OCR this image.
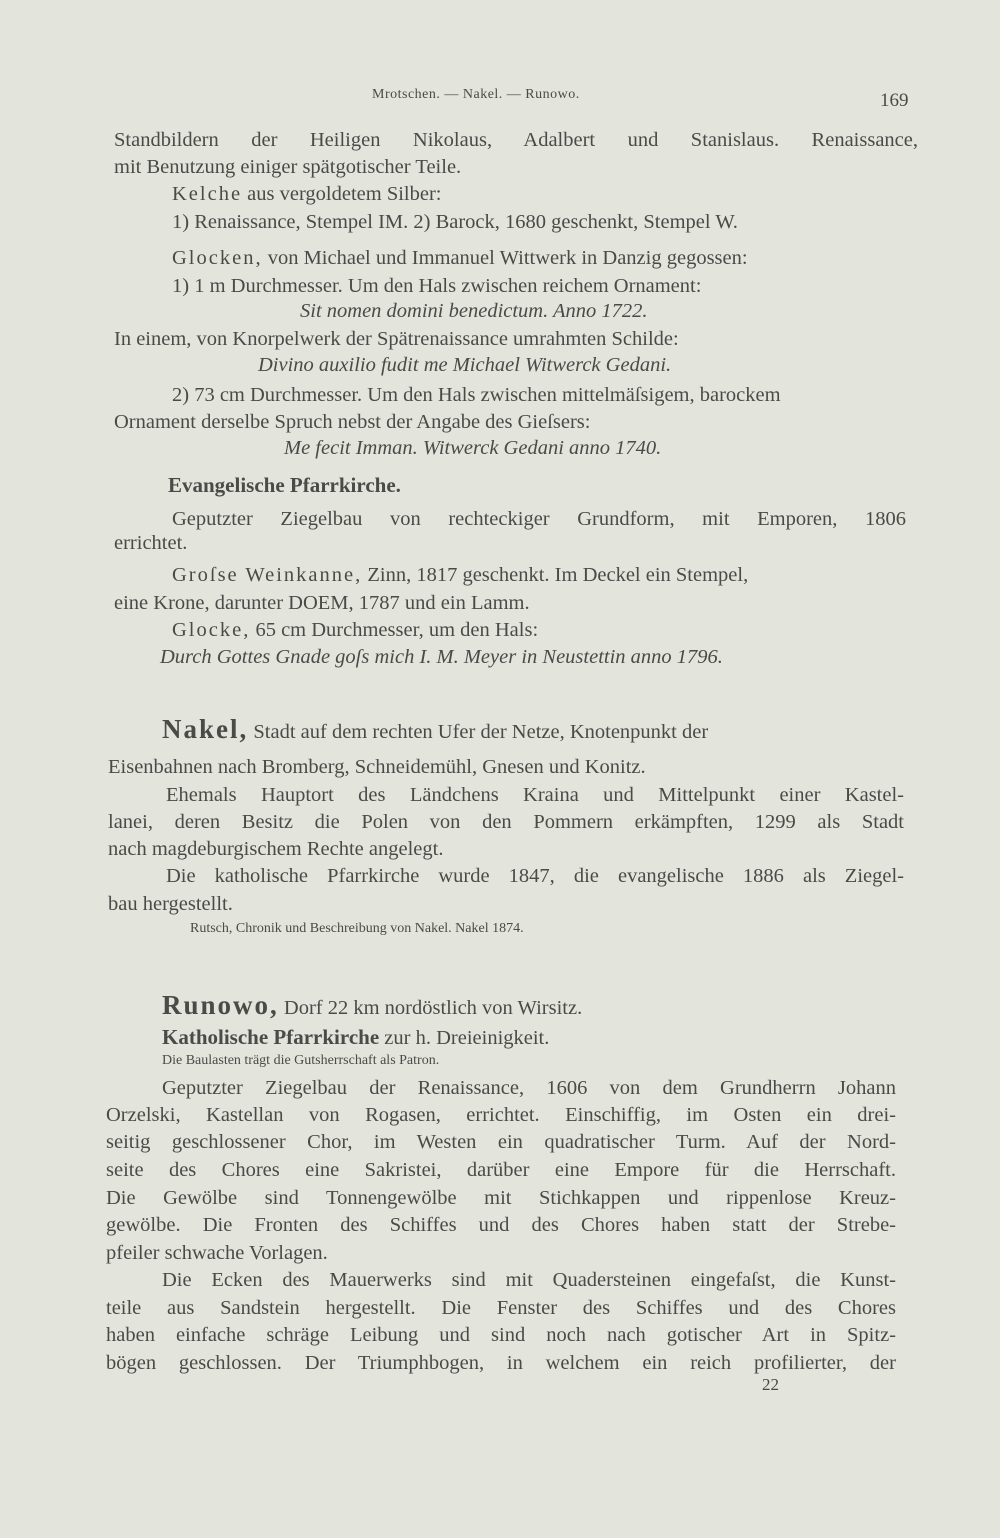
Mrotschen. — Nakel. — Runowo.	169
Standbildern der Heiligen Nikolaus, Adalbert und Stanislaus. Renaissance,
mit Benutzung einiger spätgotischer Teile.
Kelche aus vergoldetem Silber:
1) Renaissance, Stempel IM. 2) Barock, 1680 geschenkt, Stempel W.
Glocken, von Michael und Immanuel Wittwerk in Danzig gegossen:
1) 1 m Durchmesser. Um den Hals zwischen reichem Ornament:
Sit nomen domini benedictum. Anno 1722.
In einem, von Knorpelwerk der Spätrenaissance umrahmten Schilde:
Divino auxilio fudit me Michael Witwerck Gedani.
2) 73 cm Durchmesser. Um den Hals zwischen mittelmäſsigem, barockem
Ornament derselbe Spruch nebst der Angabe des Gieſsers:
Me fecit Imman. Witwerck Gedani anno 1740.
Evangelische Pfarrkirche.
Geputzter Ziegelbau von rechteckiger Grundform, mit Emporen, 1806
errichtet.
Groſse Weinkanne, Zinn, 1817 geschenkt. Im Deckel ein Stempel,
eine Krone, darunter DOEM, 1787 und ein Lamm.
Glocke, 65 cm Durchmesser, um den Hals:
Durch Gottes Gnade goſs mich I. M. Meyer in Neustettin anno 1796.
Nakel, Stadt auf dem rechten Ufer der Netze, Knotenpunkt der
Eisenbahnen nach Bromberg, Schneidemühl, Gnesen und Konitz.
Ehemals Hauptort des Ländchens Kraina und Mittelpunkt einer Kastel-
lanei, deren Besitz die Polen von den Pommern erkämpften, 1299 als Stadt
nach magdeburgischem Rechte angelegt.
Die katholische Pfarrkirche wurde 1847, die evangelische 1886 als Ziegel-
bau hergestellt.
Rutsch, Chronik und Beschreibung von Nakel. Nakel 1874.
Runowo, Dorf 22 km nordöstlich von Wirsitz.
Katholische Pfarrkirche zur h. Dreieinigkeit.
Die Baulasten trägt die Gutsherrschaft als Patron.
Geputzter Ziegelbau der Renaissance, 1606 von dem Grundherrn Johann
Orzelski, Kastellan von Rogasen, errichtet. Einschiffig, im Osten ein drei-
seitig geschlossener Chor, im Westen ein quadratischer Turm. Auf der Nord-
seite des Chores eine Sakristei, darüber eine Empore für die Herrschaft.
Die Gewölbe sind Tonnengewölbe mit Stichkappen und rippenlose Kreuz-
gewölbe. Die Fronten des Schiffes und des Chores haben statt der Strebe-
pfeiler schwache Vorlagen.
Die Ecken des Mauerwerks sind mit Quadersteinen eingefaſst, die Kunst-
teile aus Sandstein hergestellt. Die Fenster des Schiffes und des Chores
haben einfache schräge Leibung und sind noch nach gotischer Art in Spitz-
bögen geschlossen. Der Triumphbogen, in welchem ein reich profilierter, der
22
